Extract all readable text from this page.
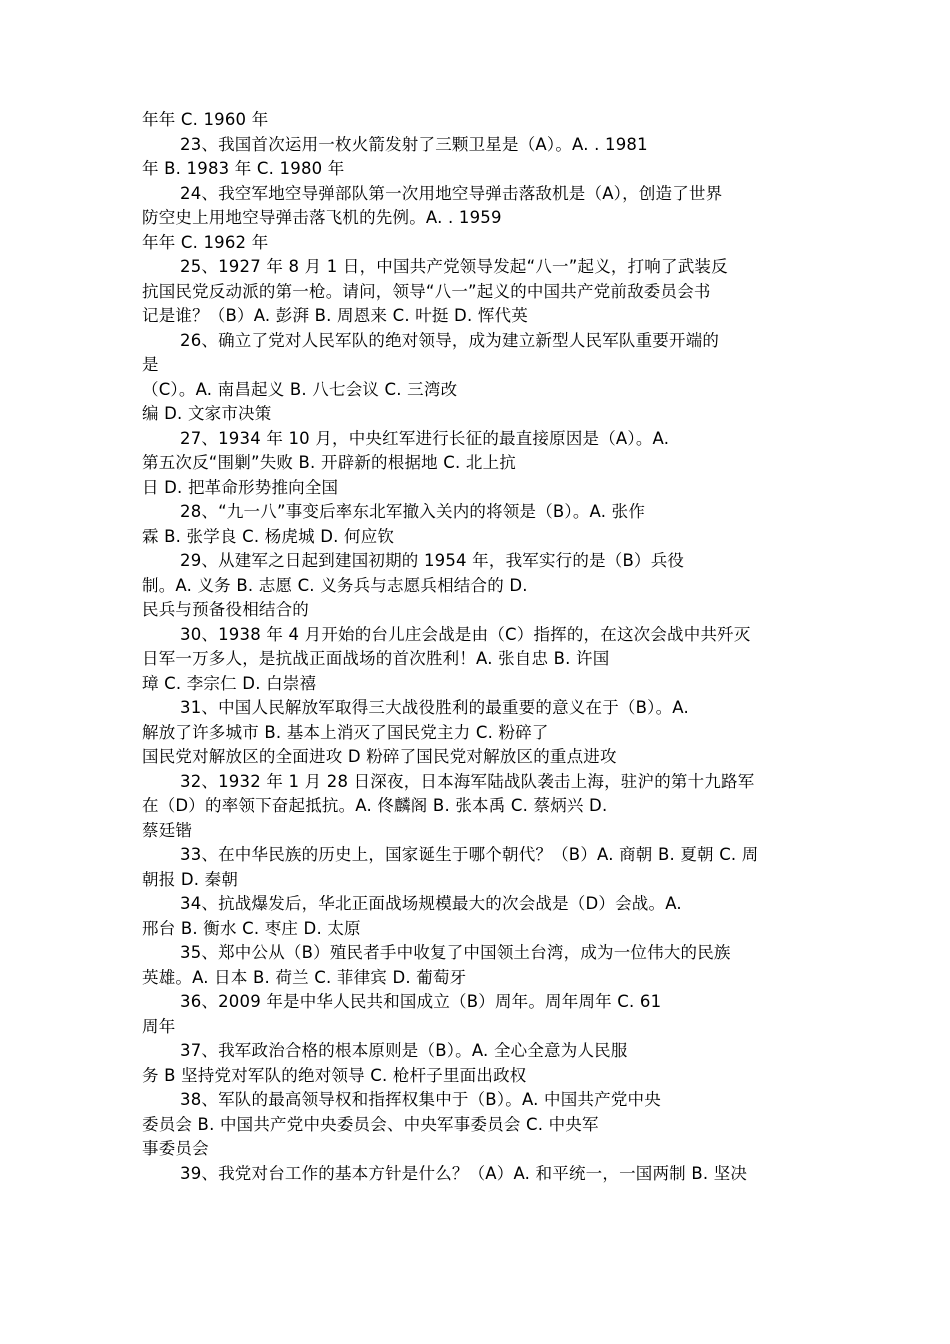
年年 C. 1960 年
23、我国首次运用一枚火箭发射了三颗卫星是（A）。A. . 1981
年 B. 1983 年 C. 1980 年
24、我空军地空导弹部队第一次用地空导弹击落敌机是（A），创造了世界
防空史上用地空导弹击落飞机的先例。A. . 1959
年年 C. 1962 年
25、1927 年 8 月 1 日，中国共产党领导发起“八一”起义，打响了武装反
抗国民党反动派的第一枪。请问，领导“八一”起义的中国共产党前敌委员会书
记是谁？（B）A. 彭湃 B. 周恩来 C. 叶挺 D. 恽代英
26、确立了党对人民军队的绝对领导，成为建立新型人民军队重要开端的
是
（C）。A. 南昌起义 B. 八七会议 C. 三湾改
编 D. 文家市决策
27、1934 年 10 月，中央红军进行长征的最直接原因是（A）。A.
第五次反“围剿”失败 B. 开辟新的根据地 C. 北上抗
日 D. 把革命形势推向全国
28、“九一八”事变后率东北军撤入关内的将领是（B）。A. 张作
霖 B. 张学良 C. 杨虎城 D. 何应钦
29、从建军之日起到建国初期的 1954 年，我军实行的是（B）兵役
制。A. 义务 B. 志愿 C. 义务兵与志愿兵相结合的 D.
民兵与预备役相结合的
30、1938 年 4 月开始的台儿庄会战是由（C）指挥的，在这次会战中共歼灭
日军一万多人，是抗战正面战场的首次胜利！A. 张自忠 B. 许国
璋 C. 李宗仁 D. 白崇禧
31、中国人民解放军取得三大战役胜利的最重要的意义在于（B）。A.
解放了许多城市 B. 基本上消灭了国民党主力 C. 粉碎了
国民党对解放区的全面进攻 D 粉碎了国民党对解放区的重点进攻
32、1932 年 1 月 28 日深夜，日本海军陆战队袭击上海，驻沪的第十九路军
在（D）的率领下奋起抵抗。A. 佟麟阁 B. 张本禹 C. 蔡炳兴 D.
蔡廷锴
33、在中华民族的历史上，国家诞生于哪个朝代？（B）A. 商朝 B. 夏朝 C. 周
朝报 D. 秦朝
34、抗战爆发后，华北正面战场规模最大的次会战是（D）会战。A.
邢台 B. 衡水 C. 枣庄 D. 太原
35、郑中公从（B）殖民者手中收复了中国领土台湾，成为一位伟大的民族
英雄。A. 日本 B. 荷兰 C. 菲律宾 D. 葡萄牙
36、2009 年是中华人民共和国成立（B）周年。周年周年 C. 61
周年
37、我军政治合格的根本原则是（B）。A. 全心全意为人民服
务 B 坚持党对军队的绝对领导 C. 枪杆子里面出政权
38、军队的最高领导权和指挥权集中于（B）。A. 中国共产党中央
委员会 B. 中国共产党中央委员会、中央军事委员会 C. 中央军
事委员会
39、我党对台工作的基本方针是什么？（A）A. 和平统一，一国两制 B. 坚决
